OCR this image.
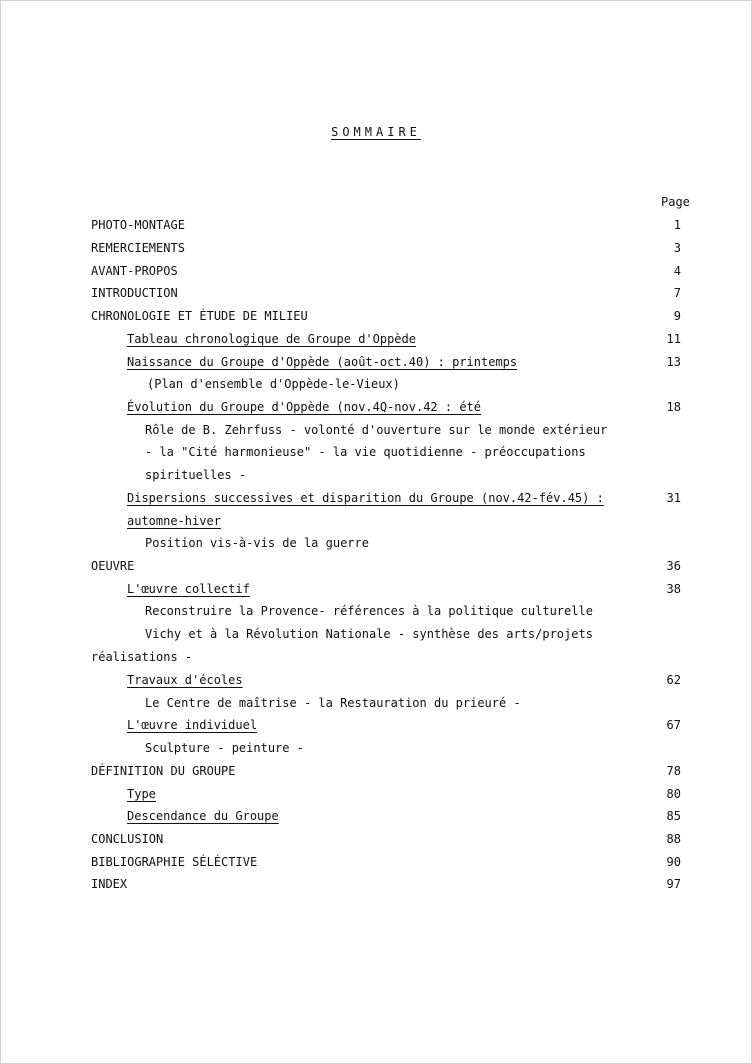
SOMMAIRE
Page
PHOTO-MONTAGE	1
REMERCIEMENTS	3
AVANT-PROPOS	4
INTRODUCTION	7
CHRONOLOGIE ET ÉTUDE DE MILIEU	9
Tableau chronologique de Groupe d'Oppède	11
Naissance du Groupe d'Oppède (août-oct.40) : printemps	13
(Plan d'ensemble d'Oppède-le-Vieux)
Évolution du Groupe d'Oppède (nov.4Q-nov.42 : été	18
Rôle de B. Zehrfuss - volonté d'ouverture sur le monde extérieur
- la "Cité harmonieuse" - la vie quotidienne - préoccupations
spirituelles -
Dispersions successives et disparition du Groupe (nov.42-fév.45) :	31
automne-hiver
Position vis-à-vis de la guerre
OEUVRE	36
L'œuvre collectif	38
Reconstruire la Provence- références à la politique culturelle
Vichy et à la Révolution Nationale - synthèse des arts/projets
réalisations -
Travaux d'écoles	62
Le Centre de maîtrise - la Restauration du prieuré -
L'œuvre individuel	67
Sculpture - peinture -
DÉFINITION DU GROUPE	78
Type	80
Descendance du Groupe	85
CONCLUSION	88
BIBLIOGRAPHIE SÉLÉCTIVE	90
INDEX	97
